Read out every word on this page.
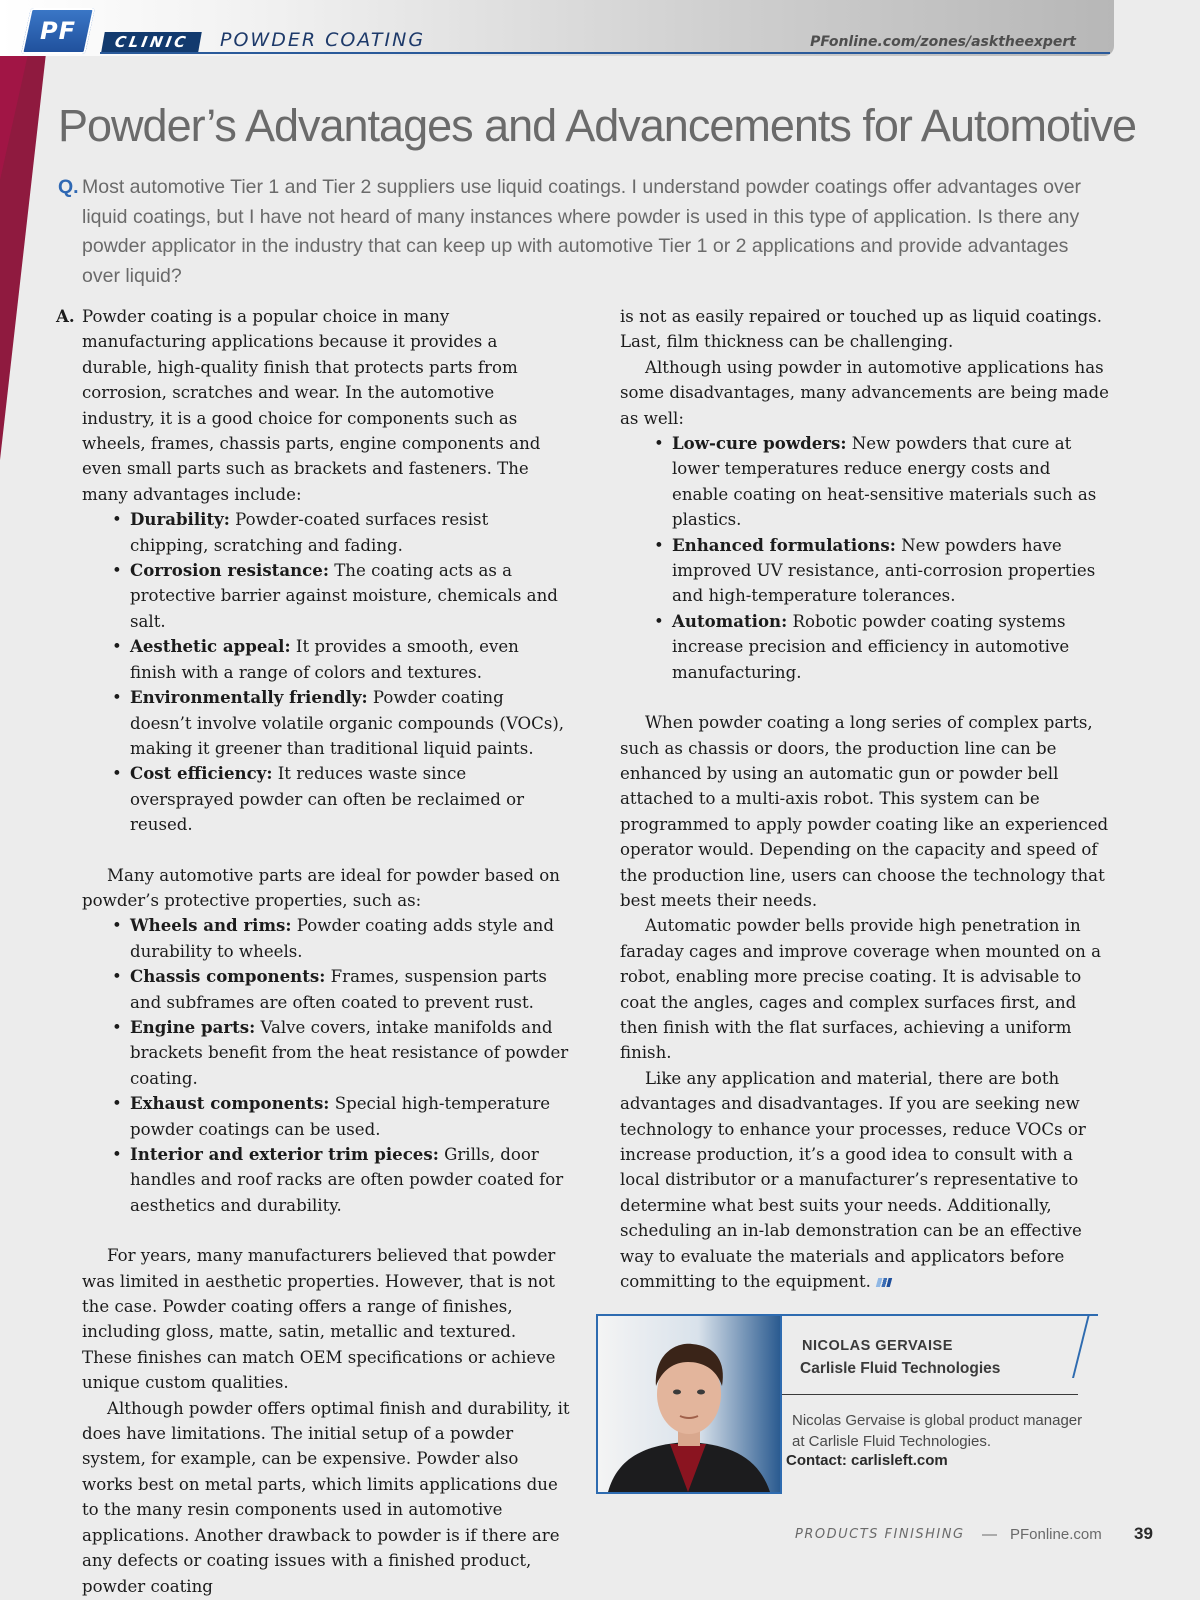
PF	CLINIC	POWDER COATING	PFonline.com/zones/asktheexpert
Powder’s Advantages and Advancements for Automotive
Q. Most automotive Tier 1 and Tier 2 suppliers use liquid coatings. I understand powder coatings offer advantages over liquid coatings, but I have not heard of many instances where powder is used in this type of application. Is there any powder applicator in the industry that can keep up with automotive Tier 1 or 2 applications and provide advantages over liquid?
A. Powder coating is a popular choice in many manufacturing applications because it provides a durable, high-quality finish that protects parts from corrosion, scratches and wear. In the automotive industry, it is a good choice for components such as wheels, frames, chassis parts, engine components and even small parts such as brackets and fasteners. The many advantages include:

• Durability: Powder-coated surfaces resist chipping, scratching and fading.
• Corrosion resistance: The coating acts as a protective barrier against moisture, chemicals and salt.
• Aesthetic appeal: It provides a smooth, even finish with a range of colors and textures.
• Environmentally friendly: Powder coating doesn’t involve volatile organic compounds (VOCs), making it greener than traditional liquid paints.
• Cost efficiency: It reduces waste since oversprayed powder can often be reclaimed or reused.

Many automotive parts are ideal for powder based on powder’s protective properties, such as:

• Wheels and rims: Powder coating adds style and durability to wheels.
• Chassis components: Frames, suspension parts and subframes are often coated to prevent rust.
• Engine parts: Valve covers, intake manifolds and brackets benefit from the heat resistance of powder coating.
• Exhaust components: Special high-temperature powder coatings can be used.
• Interior and exterior trim pieces: Grills, door handles and roof racks are often powder coated for aesthetics and durability.

For years, many manufacturers believed that powder was limited in aesthetic properties. However, that is not the case. Powder coating offers a range of finishes, including gloss, matte, satin, metallic and textured. These finishes can match OEM specifications or achieve unique custom qualities.

Although powder offers optimal finish and durability, it does have limitations. The initial setup of a powder system, for example, can be expensive. Powder also works best on metal parts, which limits applications due to the many resin components used in automotive applications. Another drawback to powder is if there are any defects or coating issues with a finished product, powder coating

is not as easily repaired or touched up as liquid coatings. Last, film thickness can be challenging.

Although using powder in automotive applications has some disadvantages, many advancements are being made as well:

• Low-cure powders: New powders that cure at lower temperatures reduce energy costs and enable coating on heat-sensitive materials such as plastics.
• Enhanced formulations: New powders have improved UV resistance, anti-corrosion properties and high-temperature tolerances.
• Automation: Robotic powder coating systems increase precision and efficiency in automotive manufacturing.

When powder coating a long series of complex parts, such as chassis or doors, the production line can be enhanced by using an automatic gun or powder bell attached to a multi-axis robot. This system can be programmed to apply powder coating like an experienced operator would. Depending on the capacity and speed of the production line, users can choose the technology that best meets their needs.

Automatic powder bells provide high penetration in faraday cages and improve coverage when mounted on a robot, enabling more precise coating. It is advisable to coat the angles, cages and complex surfaces first, and then finish with the flat surfaces, achieving a uniform finish.

Like any application and material, there are both advantages and disadvantages. If you are seeking new technology to enhance your processes, reduce VOCs or increase production, it’s a good idea to consult with a local distributor or a manufacturer’s representative to determine what best suits your needs. Additionally, scheduling an in-lab demonstration can be an effective way to evaluate the materials and applicators before committing to the equipment.

NICOLAS GERVAISE
Carlisle Fluid Technologies
Nicolas Gervaise is global product manager at Carlisle Fluid Technologies.
Contact: carlisleft.com
PRODUCTS FINISHING — PFonline.com 39
